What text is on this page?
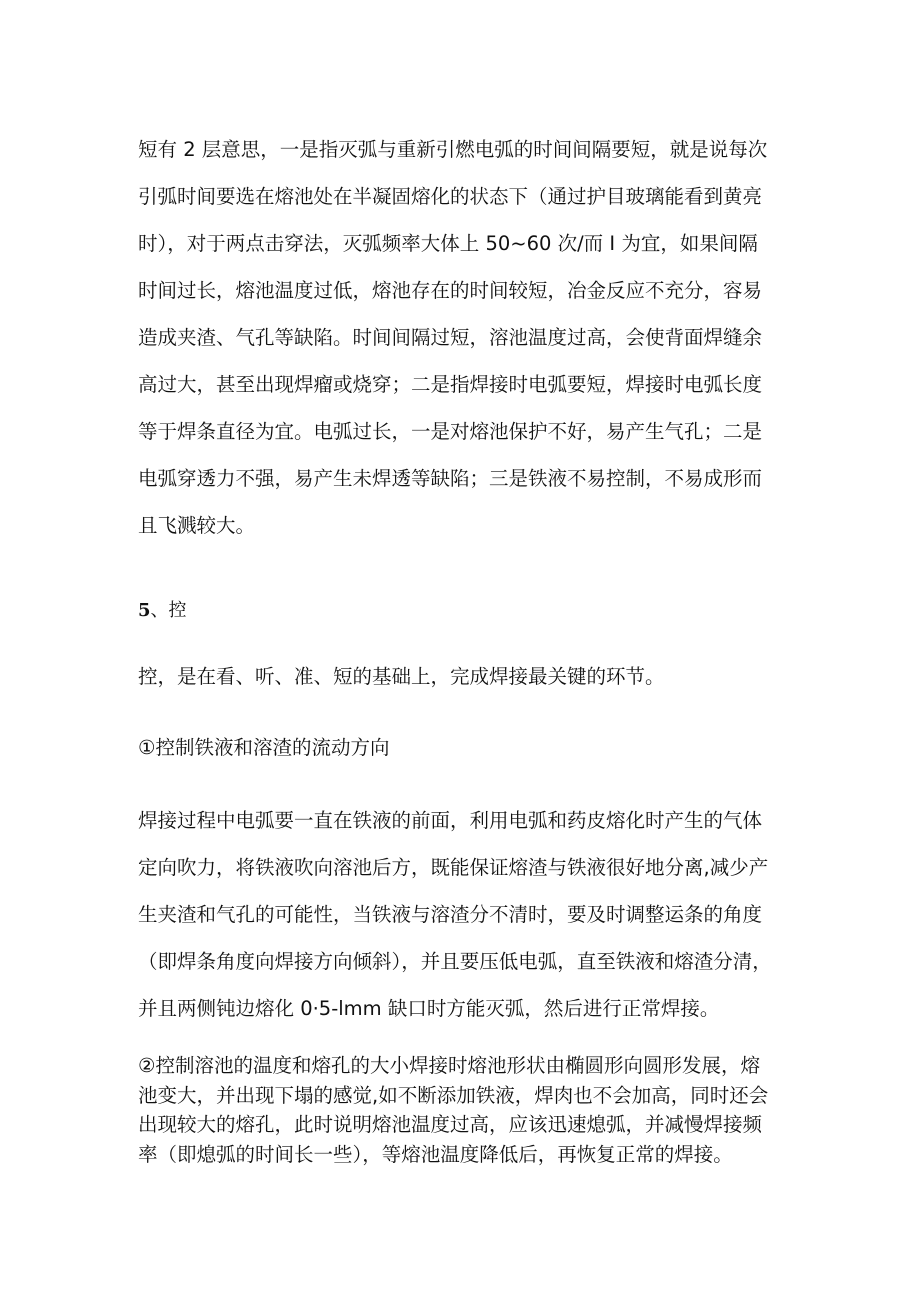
短有 2 层意思，一是指灭弧与重新引燃电弧的时间间隔要短，就是说每次
引弧时间要选在熔池处在半凝固熔化的状态下（通过护目玻璃能看到黄亮
时），对于两点击穿法，灭弧频率大体上 50~60 次/而 I 为宜，如果间隔
时间过长，熔池温度过低，熔池存在的时间较短，冶金反应不充分，容易
造成夹渣、气孔等缺陷。时间间隔过短，溶池温度过高，会使背面焊缝余
高过大，甚至出现焊瘤或烧穿；二是指焊接时电弧要短，焊接时电弧长度
等于焊条直径为宜。电弧过长，一是对熔池保护不好，易产生气孔；二是
电弧穿透力不强，易产生未焊透等缺陷；三是铁液不易控制，不易成形而
且飞溅较大。

5、控

控，是在看、听、准、短的基础上，完成焊接最关键的环节。

①控制铁液和溶渣的流动方向

焊接过程中电弧要一直在铁液的前面，利用电弧和药皮熔化时产生的气体
定向吹力，将铁液吹向溶池后方，既能保证熔渣与铁液很好地分离,减少产
生夹渣和气孔的可能性，当铁液与溶渣分不清时，要及时调整运条的角度
（即焊条角度向焊接方向倾斜），并且要压低电弧，直至铁液和熔渣分清，
并且两侧钝边熔化 0·5-lmm 缺口时方能灭弧，然后进行正常焊接。
②控制溶池的温度和熔孔的大小焊接时熔池形状由椭圆形向圆形发展，熔
池变大，并出现下塌的感觉,如不断添加铁液，焊肉也不会加高，同时还会
出现较大的熔孔，此时说明熔池温度过高，应该迅速熄弧，并减慢焊接频
率（即熄弧的时间长一些），等熔池温度降低后，再恢复正常的焊接。
